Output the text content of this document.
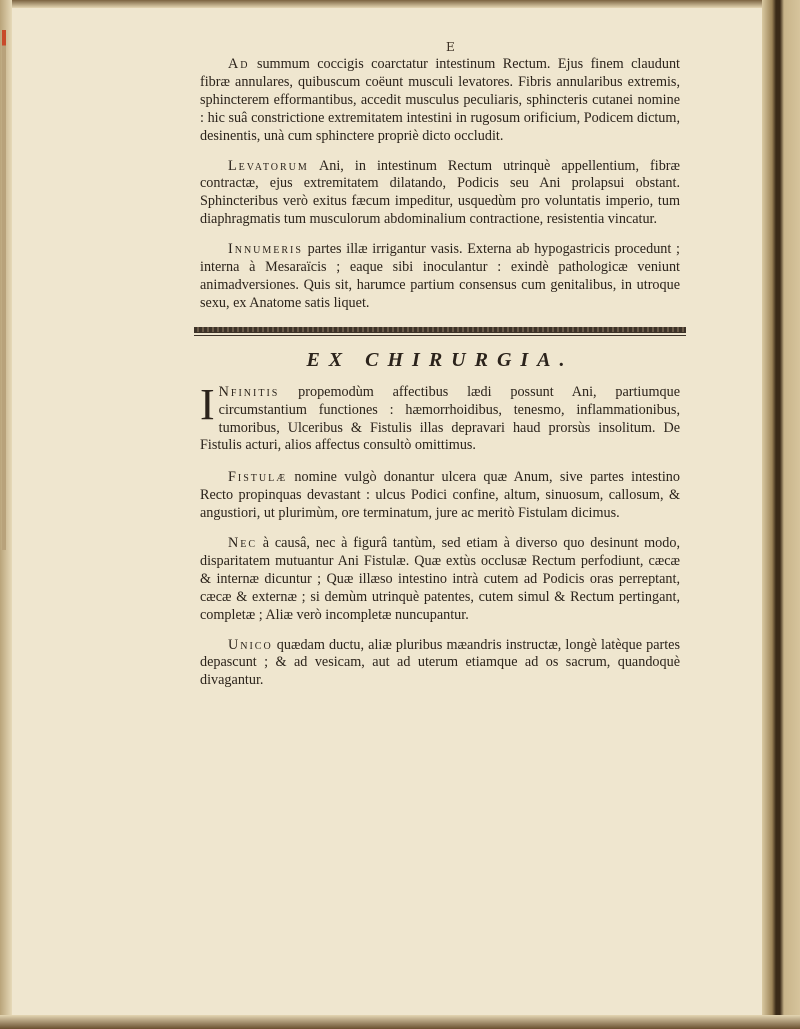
E

Ad summum coccigis coarctatur intestinum Rectum. Ejus finem claudunt fibræ annulares, quibuscum coëunt musculi levatores. Fibris annularibus extremis, sphincterem efformantibus, accedit musculus peculiaris, sphincteris cutanei nomine : hic suâ constrictione extremitatem intestini in rugosum orificium, Podicem dictum, desinentis, unà cum sphinctere propriè dicto occludit.

Levatorum Ani, in intestinum Rectum utrinquè appellentium, fibræ contractæ, ejus extremitatem dilatando, Podicis seu Ani prolapsui obstant. Sphincteribus verò exitus fæcum impeditur, usquedùm pro voluntatis imperio, tum diaphragmatis tum musculorum abdominalium contractione, resistentia vincatur.

Innumeris partes illæ irrigantur vasis. Externa ab hypogastricis procedunt ; interna à Mesaraïcis ; eaque sibi inoculantur : exindè pathologicæ veniunt animadversiones. Quis sit, harumce partium consensus cum genitalibus, in utroque sexu, ex Anatome satis liquet.

EX CHIRURGIA.

I Nfinitis propemodùm affectibus lædi possunt Ani, partiumque circumstantium functiones : hæmorrhoidibus, tenesmo, inflammationibus, tumoribus, Ulceribus & Fistulis illas depravari haud prorsùs insolitum. De Fistulis acturi, alios affectus consultò omittimus.

Fistulæ nomine vulgò donantur ulcera quæ Anum, sive partes intestino Recto propinquas devastant : ulcus Podici confine, altum, sinuosum, callosum, & angustiori, ut plurimùm, ore terminatum, jure ac meritò Fistulam dicimus.

Nec à causâ, nec à figurâ tantùm, sed etiam à diverso quo desinunt modo, disparitatem mutuantur Ani Fistulæ. Quæ extùs occlusæ Rectum perfodiunt, cæcæ & internæ dicuntur ; Quæ illæso intestino intrà cutem ad Podicis oras perreptant, cæcæ & externæ ; si demùm utrinquè patentes, cutem simul & Rectum pertingant, completæ ; Aliæ verò incompletæ nuncupantur.

Unico quædam ductu, aliæ pluribus mæandris instructæ, longè latèque partes depascunt ; & ad vesicam, aut ad uterum etiamque ad os sacrum, quandoquè divagantur.
